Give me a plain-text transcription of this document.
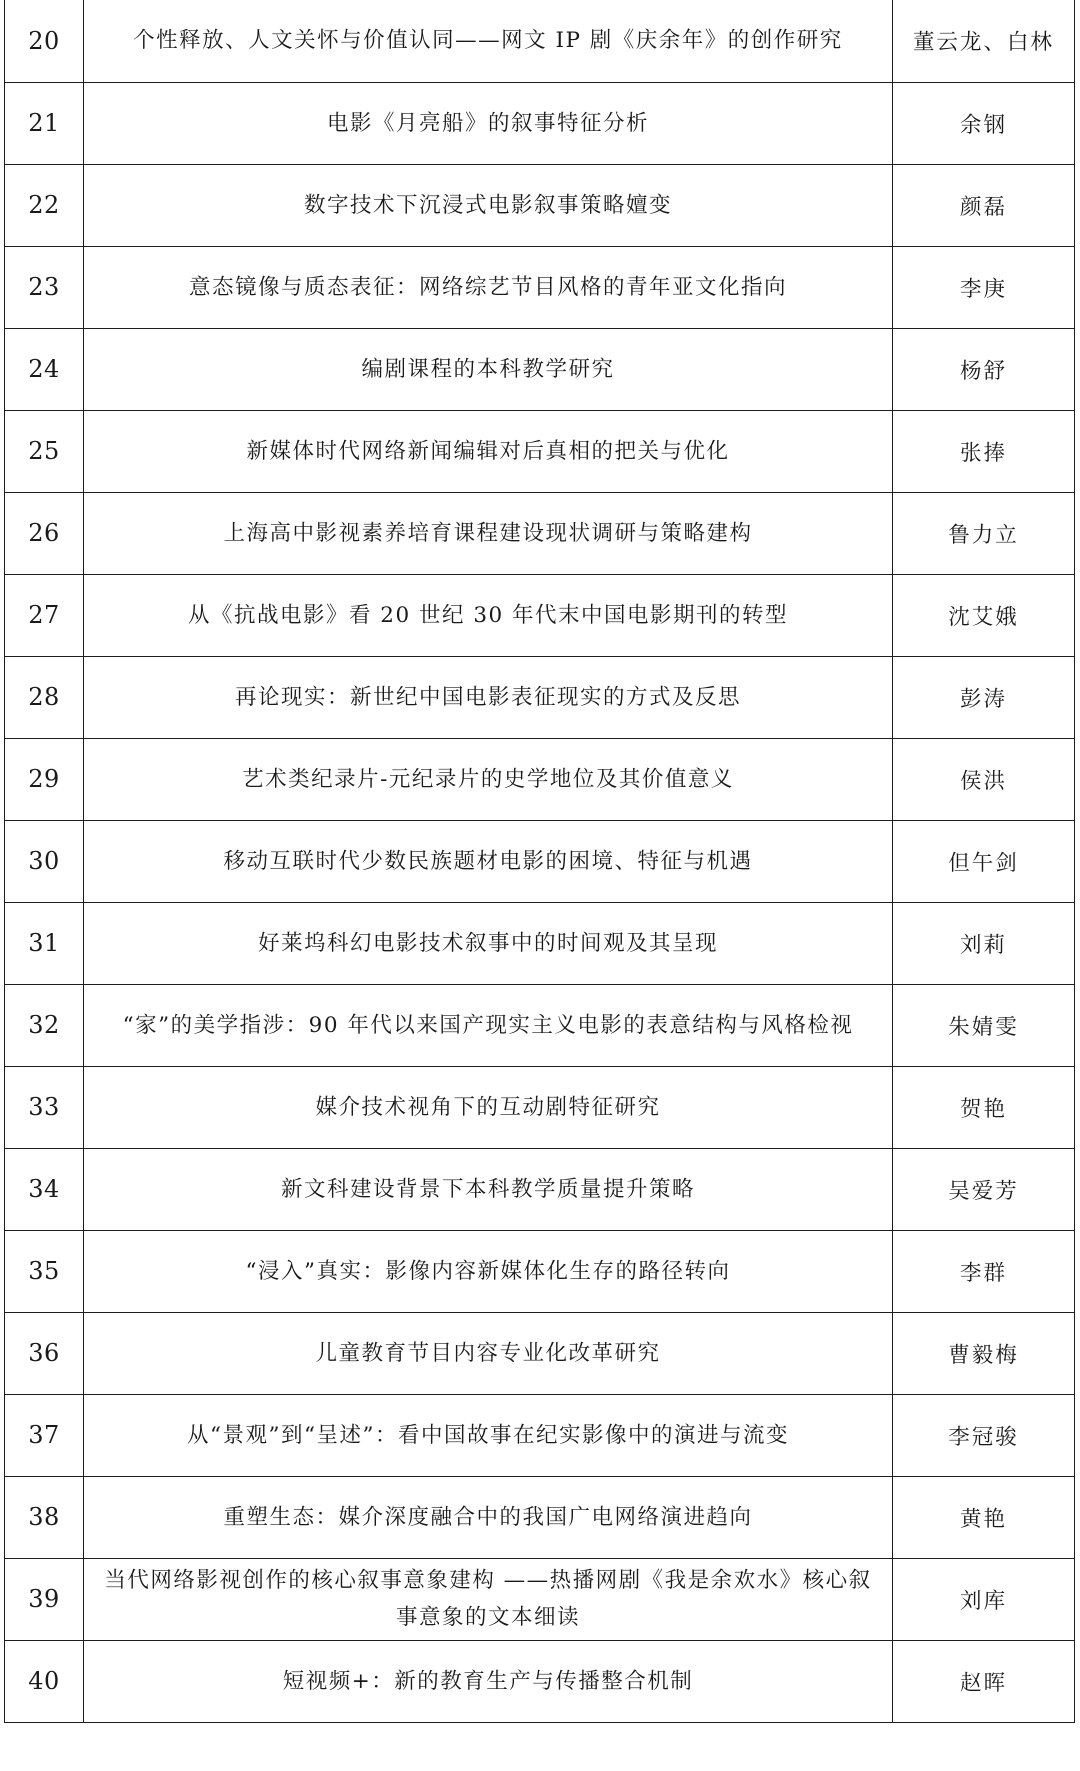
20	个性释放、人文关怀与价值认同——网文 IP 剧《庆余年》的创作研究	董云龙、白林
21	电影《月亮船》的叙事特征分析	余钢
22	数字技术下沉浸式电影叙事策略嬗变	颜磊
23	意态镜像与质态表征：网络综艺节目风格的青年亚文化指向	李庚
24	编剧课程的本科教学研究	杨舒
25	新媒体时代网络新闻编辑对后真相的把关与优化	张捧
26	上海高中影视素养培育课程建设现状调研与策略建构	鲁力立
27	从《抗战电影》看 20 世纪 30 年代末中国电影期刊的转型	沈艾娥
28	再论现实：新世纪中国电影表征现实的方式及反思	彭涛
29	艺术类纪录片-元纪录片的史学地位及其价值意义	侯洪
30	移动互联时代少数民族题材电影的困境、特征与机遇	但午剑
31	好莱坞科幻电影技术叙事中的时间观及其呈现	刘莉
32	“家”的美学指涉：90 年代以来国产现实主义电影的表意结构与风格检视	朱婧雯
33	媒介技术视角下的互动剧特征研究	贺艳
34	新文科建设背景下本科教学质量提升策略	吴爱芳
35	“浸入”真实：影像内容新媒体化生存的路径转向	李群
36	儿童教育节目内容专业化改革研究	曹毅梅
37	从“景观”到“呈述”：看中国故事在纪实影像中的演进与流变	李冠骏
38	重塑生态：媒介深度融合中的我国广电网络演进趋向	黄艳
39	当代网络影视创作的核心叙事意象建构 ——热播网剧《我是余欢水》核心叙事意象的文本细读	刘库
40	短视频+：新的教育生产与传播整合机制	赵晖
